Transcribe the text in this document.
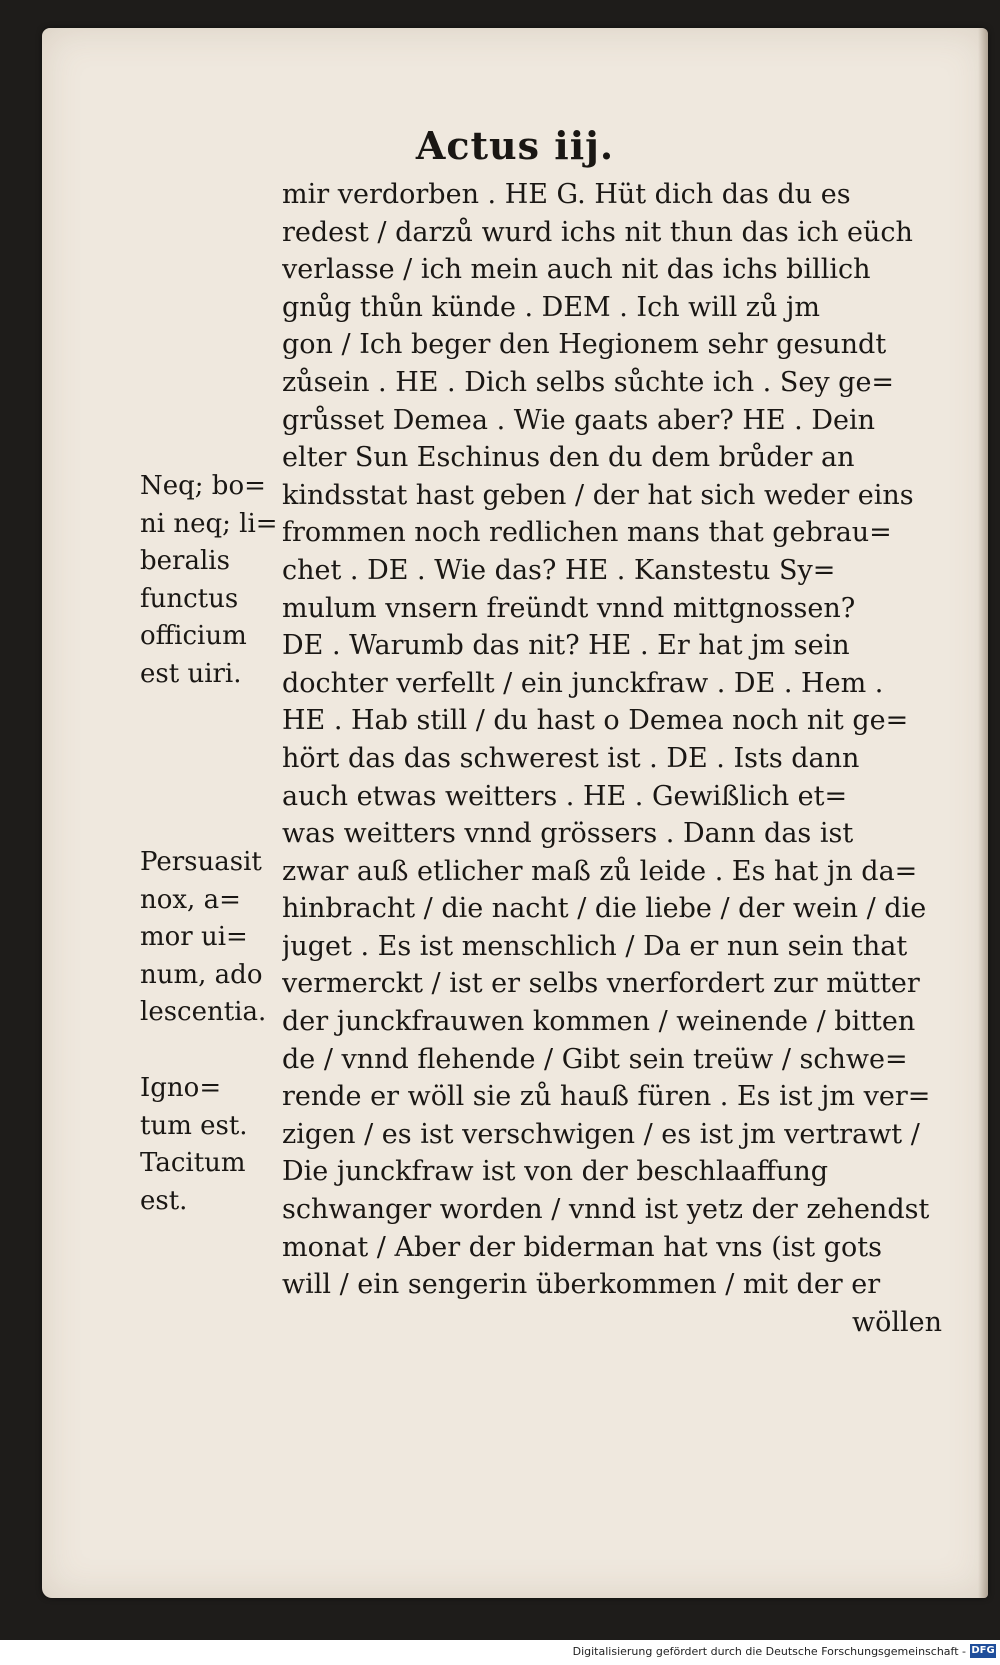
Actus iij.
mir verdorben . HE G. Hüt dich das du es
redest / darzů wurd ichs nit thun das ich eüch
verlasse / ich mein auch nit das ichs billich
gnůg thůn künde . DEM . Ich will zů jm
gon / Ich beger den Hegionem sehr gesundt
zůsein . HE . Dich selbs sůchte ich . Sey ge=
grůsset Demea . Wie gaats aber? HE . Dein
elter Sun Eschinus den du dem brůder an
kindsstat hast geben / der hat sich weder eins
frommen noch redlichen mans that gebrau=
chet . DE . Wie das? HE . Kanstestu Sy=
mulum vnsern freündt vnnd mittgnossen?
DE . Warumb das nit? HE . Er hat jm sein
dochter verfellt / ein junckfraw . DE . Hem .
HE . Hab still / du hast o Demea noch nit ge=
hört das das schwerest ist . DE . Ists dann
auch etwas weitters . HE . Gewißlich et=
was weitters vnnd grössers . Dann das ist
zwar auß etlicher maß zů leide . Es hat jn da=
hinbracht / die nacht / die liebe / der wein / die
juget . Es ist menschlich / Da er nun sein that
vermerckt / ist er selbs vnerfordert zur mütter
der junckfrauwen kommen / weinende / bitten
de / vnnd flehende / Gibt sein treüw / schwe=
rende er wöll sie zů hauß füren . Es ist jm ver=
zigen / es ist verschwigen / es ist jm vertrawt /
Die junckfraw ist von der beschlaaffung
schwanger worden / vnnd ist yetz der zehendst
monat / Aber der biderman hat vns (ist gots
will / ein sengerin überkommen / mit der er
wöllen
Neq; bo=
ni neq; li=
beralis
functus
officium
est uiri.
Persuasit
nox, a=
mor ui=
num, ado
lescentia.
Igno=
tum est.
Tacitum
est.
Digitalisierung gefördert durch die Deutsche Forschungsgemeinschaft - DFG
